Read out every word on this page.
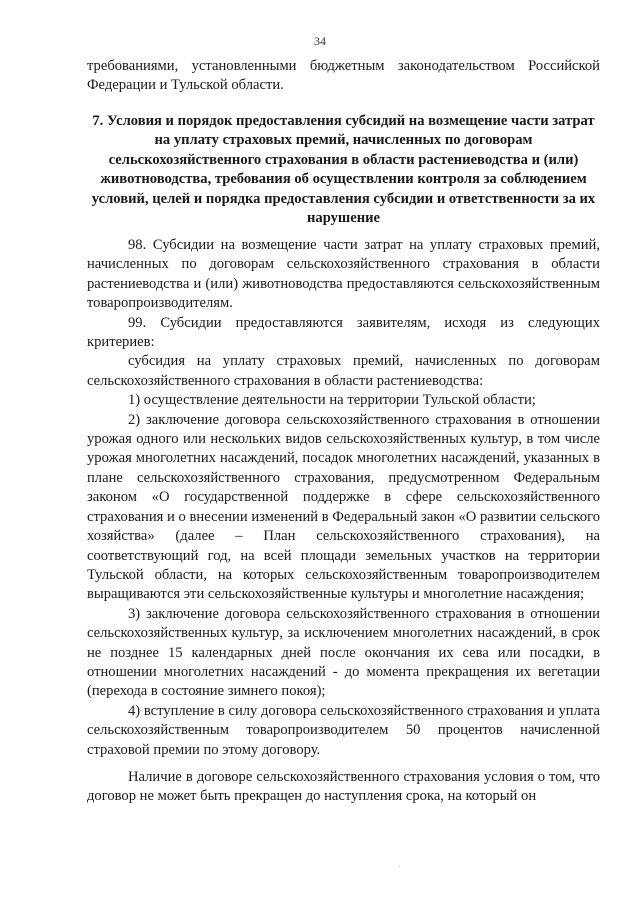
34

требованиями, установленными бюджетным законодательством Российской Федерации и Тульской области.

7. Условия и порядок предоставления субсидий на возмещение части затрат на уплату страховых премий, начисленных по договорам сельскохозяйственного страхования в области растениеводства и (или) животноводства, требования об осуществлении контроля за соблюдением условий, целей и порядка предоставления субсидии и ответственности за их нарушение

98. Субсидии на возмещение части затрат на уплату страховых премий, начисленных по договорам сельскохозяйственного страхования в области растениеводства и (или) животноводства предоставляются сельскохозяйственным товаропроизводителям.

99. Субсидии предоставляются заявителям, исходя из следующих критериев:

субсидия на уплату страховых премий, начисленных по договорам сельскохозяйственного страхования в области растениеводства:

1) осуществление деятельности на территории Тульской области;

2) заключение договора сельскохозяйственного страхования в отношении урожая одного или нескольких видов сельскохозяйственных культур, в том числе урожая многолетних насаждений, посадок многолетних насаждений, указанных в плане сельскохозяйственного страхования, предусмотренном Федеральным законом «О государственной поддержке в сфере сельскохозяйственного страхования и о внесении изменений в Федеральный закон «О развитии сельского хозяйства» (далее – План сельскохозяйственного страхования), на соответствующий год, на всей площади земельных участков на территории Тульской области, на которых сельскохозяйственным товаропроизводителем выращиваются эти сельскохозяйственные культуры и многолетние насаждения;

3) заключение договора сельскохозяйственного страхования в отношении сельскохозяйственных культур, за исключением многолетних насаждений, в срок не позднее 15 календарных дней после окончания их сева или посадки, в отношении многолетних насаждений - до момента прекращения их вегетации (перехода в состояние зимнего покоя);

4) вступление в силу договора сельскохозяйственного страхования и уплата сельскохозяйственным товаропроизводителем 50 процентов начисленной страховой премии по этому договору.

Наличие в договоре сельскохозяйственного страхования условия о том, что договор не может быть прекращен до наступления срока, на который он

·
